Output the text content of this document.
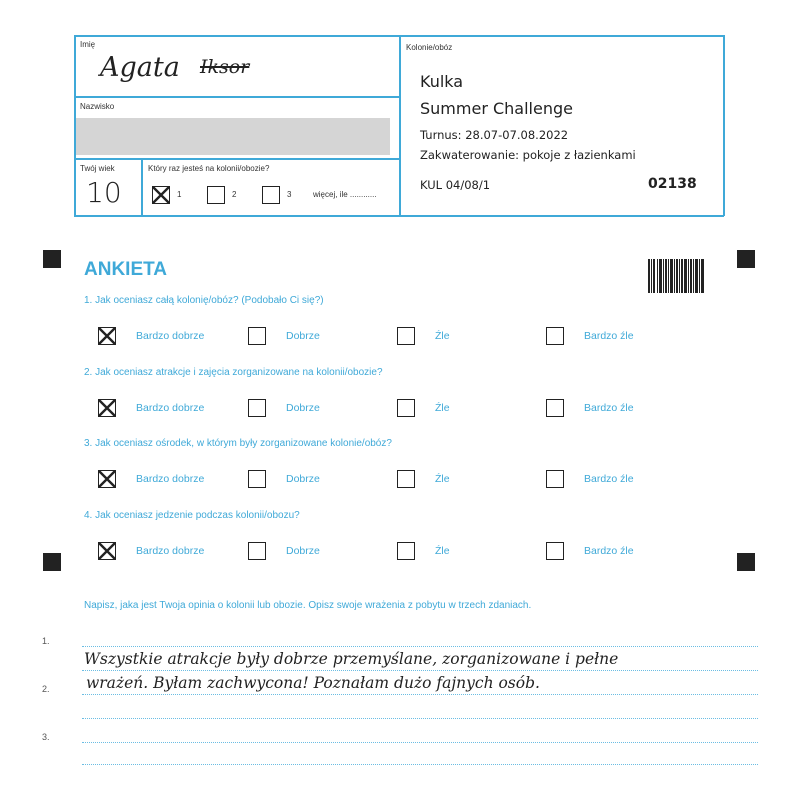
Imię
Agata Iksor
Nazwisko
Twój wiek
10
Który raz jesteś na kolonii/obozie?
1	2	3	więcej, ile ............
Kolonie/obóz
Kulka
Summer Challenge
Turnus: 28.07-07.08.2022
Zakwaterowanie: pokoje z łazienkami
KUL 04/08/1	02138
ANKIETA
1. Jak oceniasz całą kolonię/obóz? (Podobało Ci się?)
Bardzo dobrze	Dobrze	Źle	Bardzo źle
2. Jak oceniasz atrakcje i zajęcia zorganizowane na kolonii/obozie?
Bardzo dobrze	Dobrze	Źle	Bardzo źle
3. Jak oceniasz ośrodek, w którym były zorganizowane kolonie/obóz?
Bardzo dobrze	Dobrze	Źle	Bardzo źle
4. Jak oceniasz jedzenie podczas kolonii/obozu?
Bardzo dobrze	Dobrze	Źle	Bardzo źle
Napisz, jaka jest Twoja opinia o kolonii lub obozie. Opisz swoje wrażenia z pobytu w trzech zdaniach.
1.
2.
3.
Wszystkie atrakcje były dobrze przemyślane, zorganizowane i pełne
wrażeń. Byłam zachwycona! Poznałam dużo fajnych osób.
